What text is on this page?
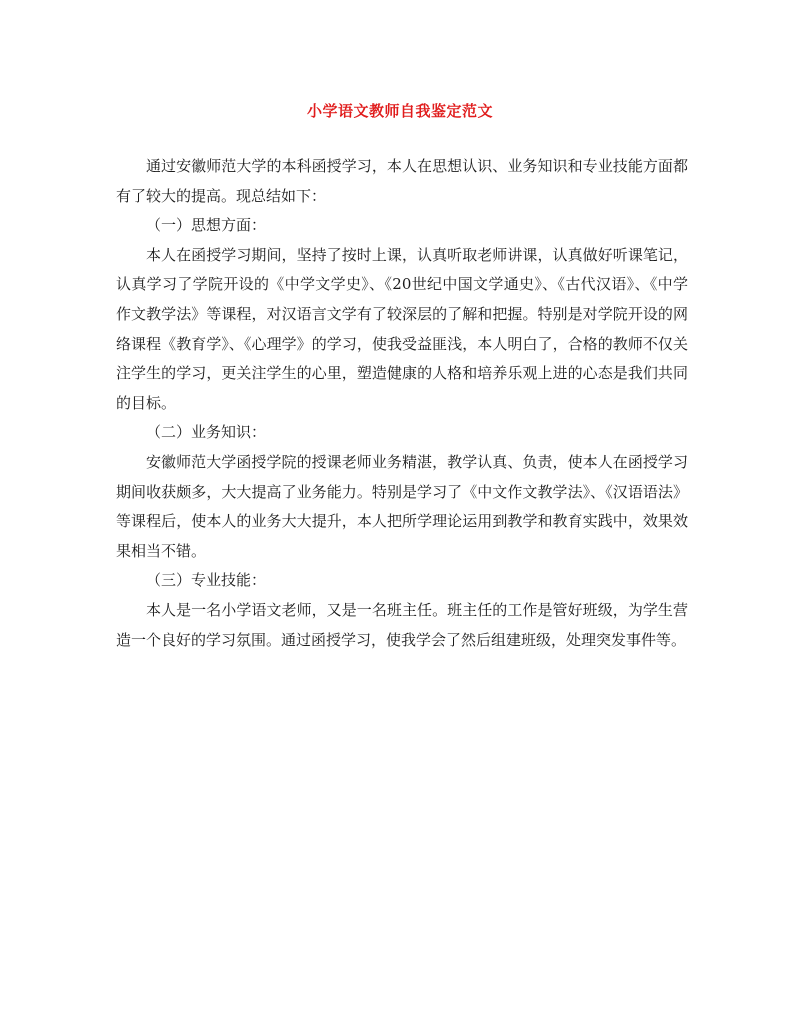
小学语文教师自我鉴定范文

通过安徽师范大学的本科函授学习，本人在思想认识、业务知识和专业技能方面都有了较大的提高。现总结如下：

（一）思想方面：

本人在函授学习期间，坚持了按时上课，认真听取老师讲课，认真做好听课笔记，认真学习了学院开设的《中学文学史》、《20世纪中国文学通史》、《古代汉语》、《中学作文教学法》等课程，对汉语言文学有了较深层的了解和把握。特别是对学院开设的网络课程《教育学》、《心理学》的学习，使我受益匪浅，本人明白了，合格的教师不仅关注学生的学习，更关注学生的心里，塑造健康的人格和培养乐观上进的心态是我们共同的目标。

（二）业务知识：

安徽师范大学函授学院的授课老师业务精湛，教学认真、负责，使本人在函授学习期间收获颇多，大大提高了业务能力。特别是学习了《中文作文教学法》、《汉语语法》等课程后，使本人的业务大大提升，本人把所学理论运用到教学和教育实践中，效果效果相当不错。

（三）专业技能：

本人是一名小学语文老师，又是一名班主任。班主任的工作是管好班级，为学生营造一个良好的学习氛围。通过函授学习，使我学会了然后组建班级，处理突发事件等。
